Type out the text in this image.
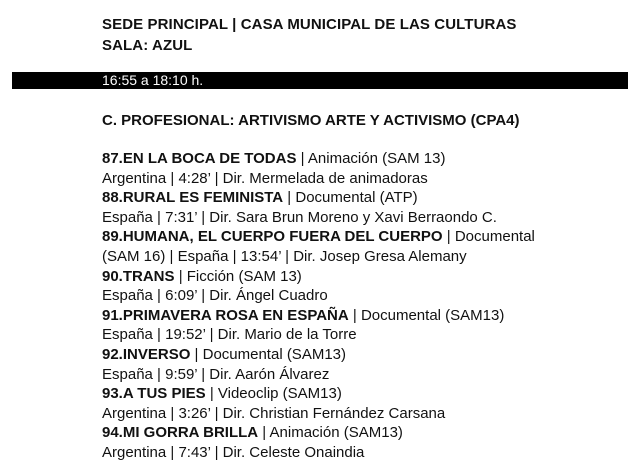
SEDE PRINCIPAL | CASA MUNICIPAL DE LAS CULTURAS
SALA: AZUL
16:55 a 18:10 h.
C. PROFESIONAL: ARTIVISMO ARTE Y ACTIVISMO (CPA4)
87.EN LA BOCA DE TODAS | Animación (SAM 13)
Argentina | 4:28’ | Dir. Mermelada de animadoras
88.RURAL ES FEMINISTA | Documental (ATP)
España | 7:31’ | Dir. Sara Brun Moreno y Xavi Berraondo C.
89.HUMANA, EL CUERPO FUERA DEL CUERPO | Documental
(SAM 16) | España | 13:54’ | Dir. Josep Gresa Alemany
90.TRANS | Ficción (SAM 13)
España | 6:09’ | Dir. Ángel Cuadro
91.PRIMAVERA ROSA EN ESPAÑA | Documental (SAM13)
España | 19:52’ | Dir. Mario de la Torre
92.INVERSO | Documental (SAM13)
España | 9:59’ | Dir. Aarón Álvarez
93.A TUS PIES | Videoclip (SAM13)
Argentina | 3:26’ | Dir. Christian Fernández Carsana
94.MI GORRA BRILLA | Animación (SAM13)
Argentina | 7:43’ | Dir. Celeste Onaindia
